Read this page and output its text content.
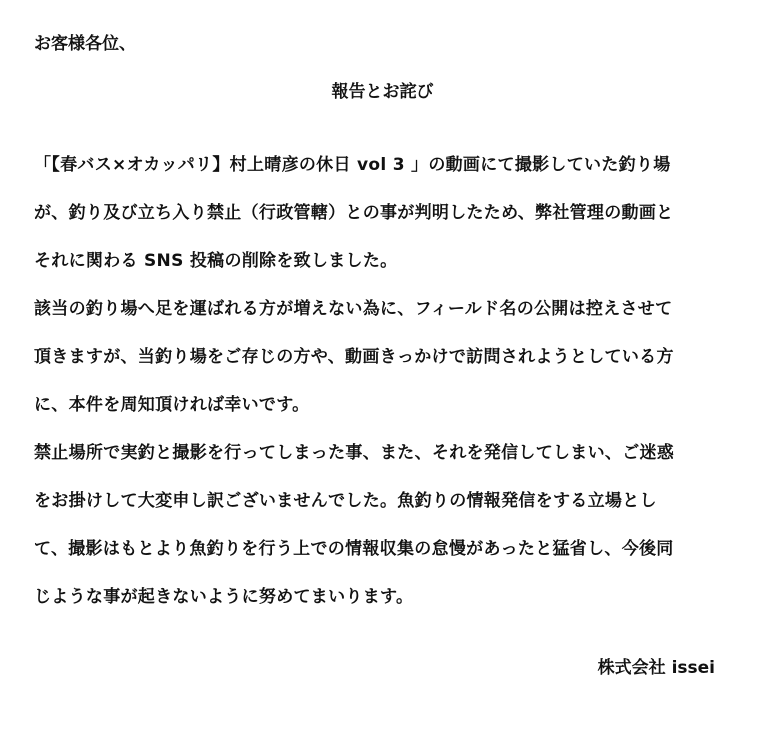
お客様各位、
報告とお詫び
「【春バス×オカッパリ】村上晴彦の休日 vol 3 」の動画にて撮影していた釣り場
が、釣り及び立ち入り禁止（行政管轄）との事が判明したため、弊社管理の動画と
それに関わる SNS 投稿の削除を致しました。
該当の釣り場へ足を運ばれる方が増えない為に、フィールド名の公開は控えさせて
頂きますが、当釣り場をご存じの方や、動画きっかけで訪問されようとしている方
に、本件を周知頂ければ幸いです。
禁止場所で実釣と撮影を行ってしまった事、また、それを発信してしまい、ご迷惑
をお掛けして大変申し訳ございませんでした。魚釣りの情報発信をする立場とし
て、撮影はもとより魚釣りを行う上での情報収集の怠慢があったと猛省し、今後同
じような事が起きないように努めてまいります。
株式会社 issei
